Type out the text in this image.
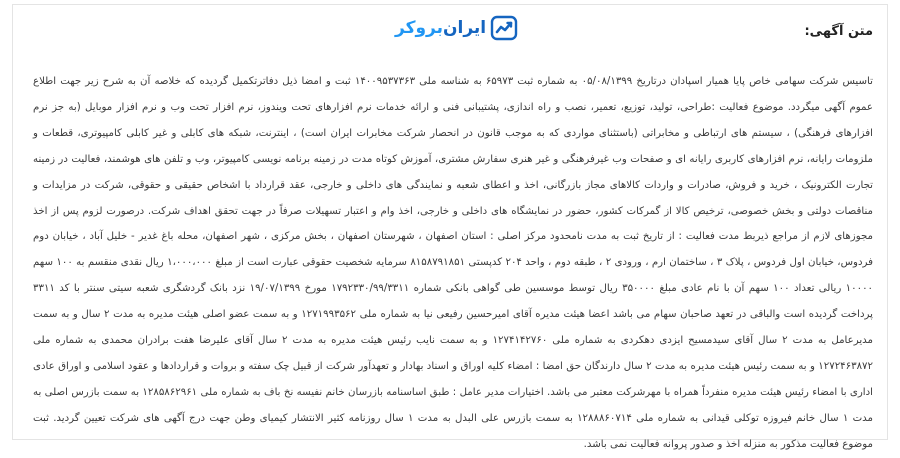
ایرانبروکر	متن آگهی:
تاسیس شرکت سهامی خاص پایا همیار اسپادان درتاریخ ۰۵/۰۸/۱۳۹۹ به شماره ثبت ۶۵۹۷۳ به شناسه ملی ۱۴۰۰۹۵۳۷۳۶۳ ثبت و امضا ذیل دفاترتکمیل گردیده که خلاصه آن به شرح زیر جهت اطلاع عموم آگهی میگردد. موضوع فعالیت :طراحی، تولید، توزیع، تعمیر، نصب و راه اندازی، پشتیبانی فنی و ارائه خدمات نرم افزارهای تحت ویندوز، نرم افزار تحت وب و نرم افزار موبایل (به جز نرم افزارهای فرهنگی) ، سیستم های ارتباطی و مخابراتی (باستثنای مواردی که به موجب قانون در انحصار شرکت مخابرات ایران است) ، اینترنت، شبکه های کابلی و غیر کابلی کامپیوتری، قطعات و ملزومات رایانه، نرم افزارهای کاربری رایانه ای و صفحات وب غیرفرهنگی و غیر هنری سفارش مشتری، آموزش کوتاه مدت در زمینه برنامه نویسی کامپیوتر، وب و تلفن های هوشمند، فعالیت در زمینه تجارت الکترونیک ، خرید و فروش، صادرات و واردات کالاهای مجاز بازرگانی، اخذ و اعطای شعبه و نمایندگی های داخلی و خارجی، عقد قرارداد با اشخاص حقیقی و حقوقی، شرکت در مزایدات و مناقصات دولتی و بخش خصوصی، ترخیص کالا از گمرکات کشور، حضور در نمایشگاه های داخلی و خارجی، اخذ وام و اعتبار تسهیلات صرفاً در جهت تحقق اهداف شرکت. درصورت لزوم پس از اخذ مجوزهای لازم از مراجع ذیربط مدت فعالیت : از تاریخ ثبت به مدت نامحدود مرکز اصلی : استان اصفهان ، شهرستان اصفهان ، بخش مرکزی ، شهر اصفهان، محله باغ غدیر - خلیل آباد ، خیابان دوم فردوس، خیابان اول فردوس ، پلاک ۳ ، ساختمان ارم ، ورودی ۲ ، طبقه دوم ، واحد ۲۰۴ کدپستی ۸۱۵۸۷۹۱۸۵۱ سرمایه شخصیت حقوقی عبارت است از مبلغ ۱،۰۰۰،۰۰۰ ریال نقدی منقسم به ۱۰۰ سهم ۱۰۰۰۰ ریالی تعداد ۱۰۰ سهم آن با نام عادی مبلغ ۳۵۰۰۰۰ ریال توسط موسسین طی گواهی بانکی شماره ۱۷۹۲۳۳۰/۹۹/۳۳۱۱ مورخ ۱۹/۰۷/۱۳۹۹ نزد بانک گردشگری شعبه سیتی سنتر با کد ۳۳۱۱ پرداخت گردیده است والباقی در تعهد صاحبان سهام می باشد اعضا هیئت مدیره آقای امیرحسین رفیعی نیا به شماره ملی ۱۲۷۱۹۹۳۵۶۲ و به سمت عضو اصلی هیئت مدیره به مدت ۲ سال و به سمت مدیرعامل به مدت ۲ سال آقای سیدمسیح ایزدی دهکردی به شماره ملی ۱۲۷۴۱۴۲۷۶۰ و به سمت نایب رئیس هیئت مدیره به مدت ۲ سال آقای علیرضا هفت برادران محمدی به شماره ملی ۱۲۷۲۴۶۳۸۷۲ و به سمت رئیس هیئت مدیره به مدت ۲ سال دارندگان حق امضا : امضاء کلیه اوراق و اسناد بهادار و تعهدآور شرکت از قبیل چک سفته و بروات و قراردادها و عقود اسلامی و اوراق عادی اداری با امضاء رئیس هیئت مدیره منفرداً همراه با مهرشرکت معتبر می باشد. اختیارات مدیر عامل : طبق اساسنامه بازرسان خانم نفیسه نخ باف به شماره ملی ۱۲۸۵۸۶۲۹۶۱ به سمت بازرس اصلی به مدت ۱ سال خانم فیروزه توکلی قیدانی به شماره ملی ۱۲۸۸۸۶۰۷۱۴ به سمت بازرس علی البدل به مدت ۱ سال روزنامه کثیر الانتشار کیمیای وطن جهت درج آگهی های شرکت تعیین گردید. ثبت موضوع فعالیت مذکور به منزله اخذ و صدور پروانه فعالیت نمی باشد.
